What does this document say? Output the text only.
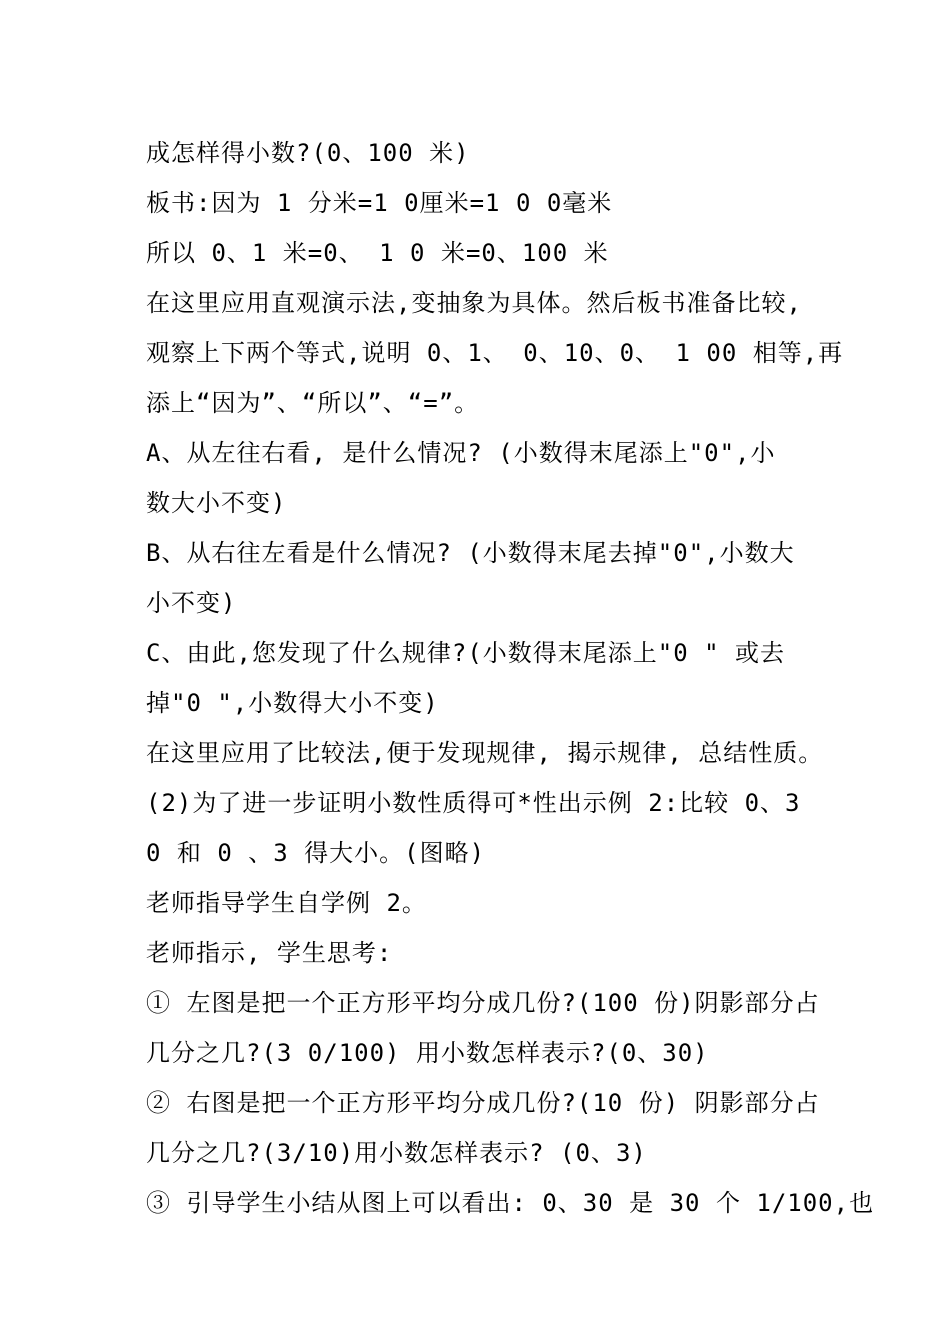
成怎样得小数?(0、100 米)
板书:因为 1 分米=1 0厘米=1 0 0毫米
所以 0、1 米=0、 1 0 米=0、100 米
在这里应用直观演示法,变抽象为具体。然后板书准备比较,
观察上下两个等式,说明 0、1、 0、10、0、 1 00 相等,再
添上“因为”、“所以”、“=”。
A、从左往右看, 是什么情况? (小数得末尾添上"0",小
数大小不变)
B、从右往左看是什么情况? (小数得末尾去掉"0",小数大
小不变)
C、由此,您发现了什么规律?(小数得末尾添上"0 " 或去
掉"0 ",小数得大小不变)
在这里应用了比较法,便于发现规律, 揭示规律, 总结性质。
(2)为了进一步证明小数性质得可*性出示例 2:比较 0、3
0 和 0 、3 得大小。(图略)
老师指导学生自学例 2。
老师指示, 学生思考:
① 左图是把一个正方形平均分成几份?(100 份)阴影部分占
几分之几?(3 0/100) 用小数怎样表示?(0、30)
② 右图是把一个正方形平均分成几份?(10 份) 阴影部分占
几分之几?(3/10)用小数怎样表示? (0、3)
③ 引导学生小结从图上可以看出: 0、30 是 30 个 1/100,也
